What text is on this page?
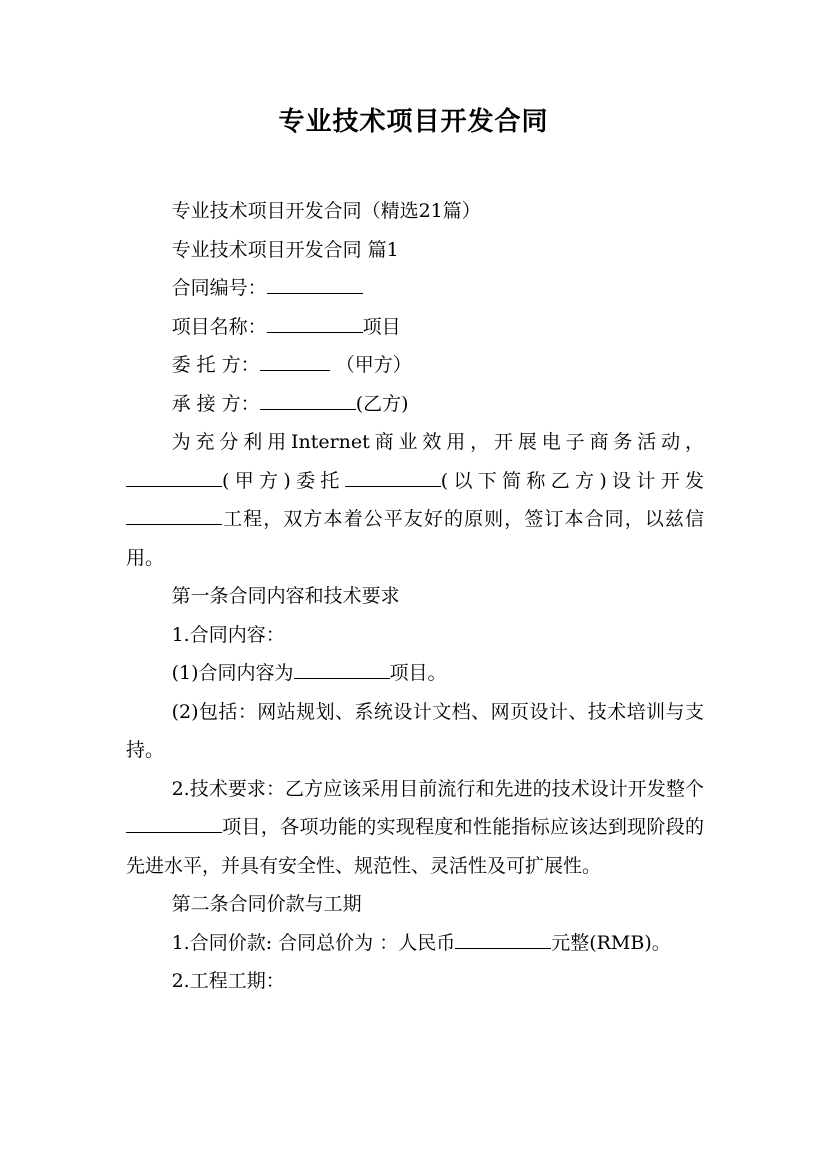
专业技术项目开发合同

专业技术项目开发合同（精选21篇）

专业技术项目开发合同 篇1

合同编号：

项目名称：	项目

委 托 方：	（甲方）

承 接 方：	(乙方)

为充分利用Internet商业效用，开展电子商务活动，(甲方)委托	(以下简称乙方)设计开发工程，双方本着公平友好的原则，签订本合同，以兹信用。

第一条合同内容和技术要求

1.合同内容：

(1)合同内容为	项目。

(2)包括：网站规划、系统设计文档、网页设计、技术培训与支持。

2.技术要求：乙方应该采用目前流行和先进的技术设计开发整个项目，各项功能的实现程度和性能指标应该达到现阶段的先进水平，并具有安全性、规范性、灵活性及可扩展性。

第二条合同价款与工期

1.合同价款: 合同总价为 ：人民币	元整(RMB)。

2.工程工期：
